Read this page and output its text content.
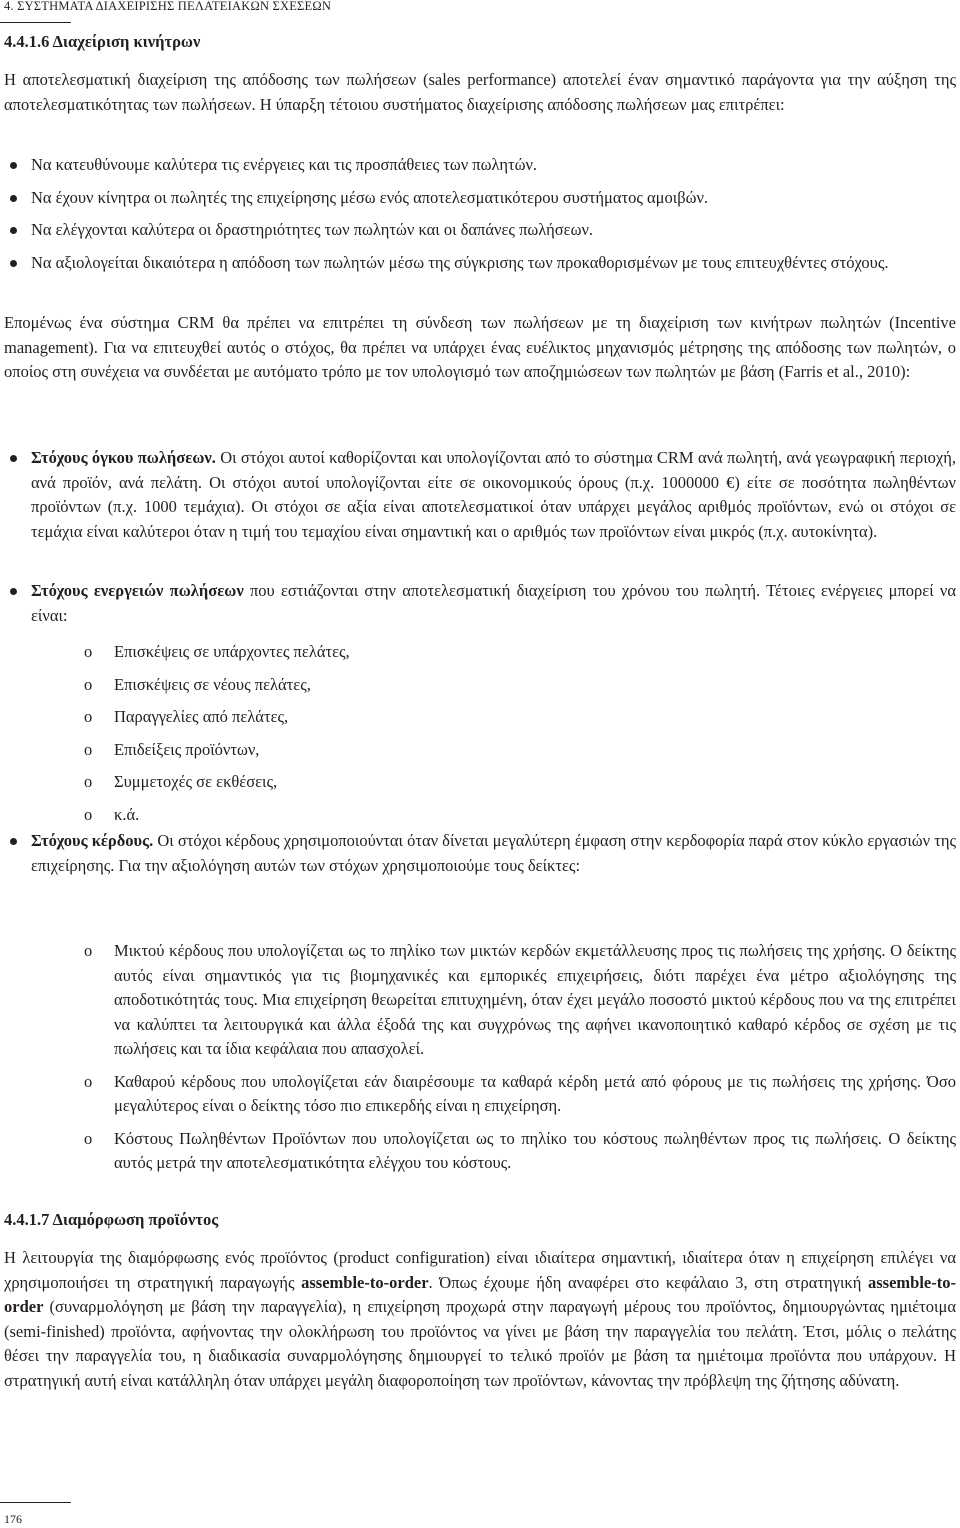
4. ΣΥΣΤΗΜΑΤΑ ΔΙΑΧΕΙΡΙΣΗΣ ΠΕΛΑΤΕΙΑΚΩΝ ΣΧΕΣΕΩΝ
4.4.1.6 Διαχείριση κινήτρων

Η αποτελεσματική διαχείριση της απόδοσης των πωλήσεων (sales performance) αποτελεί έναν σημαντικό παράγοντα για την αύξηση της αποτελεσματικότητας των πωλήσεων. Η ύπαρξη τέτοιου συστήματος διαχείρισης απόδοσης πωλήσεων μας επιτρέπει:

Να κατευθύνουμε καλύτερα τις ενέργειες και τις προσπάθειες των πωλητών.
Να έχουν κίνητρα οι πωλητές της επιχείρησης μέσω ενός αποτελεσματικότερου συστήματος αμοιβών.
Να ελέγχονται καλύτερα οι δραστηριότητες των πωλητών και οι δαπάνες πωλήσεων.
Να αξιολογείται δικαιότερα η απόδοση των πωλητών μέσω της σύγκρισης των προκαθορισμένων με τους επιτευχθέντες στόχους.

Επομένως ένα σύστημα CRM θα πρέπει να επιτρέπει τη σύνδεση των πωλήσεων με τη διαχείριση των κινήτρων πωλητών (Incentive management). Για να επιτευχθεί αυτός ο στόχος, θα πρέπει να υπάρχει ένας ευέλικτος μηχανισμός μέτρησης της απόδοσης των πωλητών, ο οποίος στη συνέχεια να συνδέεται με αυτόματο τρόπο με τον υπολογισμό των αποζημιώσεων των πωλητών με βάση (Farris et al., 2010):

Στόχους όγκου πωλήσεων. Οι στόχοι αυτοί καθορίζονται και υπολογίζονται από το σύστημα CRM ανά πωλητή, ανά γεωγραφική περιοχή, ανά προϊόν, ανά πελάτη. Οι στόχοι αυτοί υπολογίζονται είτε σε οικονομικούς όρους (π.χ. 1000000 €) είτε σε ποσότητα πωληθέντων προϊόντων (π.χ. 1000 τεμάχια). Οι στόχοι σε αξία είναι αποτελεσματικοί όταν υπάρχει μεγάλος αριθμός προϊόντων, ενώ οι στόχοι σε τεμάχια είναι καλύτεροι όταν η τιμή του τεμαχίου είναι σημαντική και ο αριθμός των προϊόντων είναι μικρός (π.χ. αυτοκίνητα).
Στόχους ενεργειών πωλήσεων που εστιάζονται στην αποτελεσματική διαχείριση του χρόνου του πωλητή. Τέτοιες ενέργειες μπορεί να είναι:
o Επισκέψεις σε υπάρχοντες πελάτες,
o Επισκέψεις σε νέους πελάτες,
o Παραγγελίες από πελάτες,
o Επιδείξεις προϊόντων,
o Συμμετοχές σε εκθέσεις,
o κ.ά.
Στόχους κέρδους. Οι στόχοι κέρδους χρησιμοποιούνται όταν δίνεται μεγαλύτερη έμφαση στην κερδοφορία παρά στον κύκλο εργασιών της επιχείρησης. Για την αξιολόγηση αυτών των στόχων χρησιμοποιούμε τους δείκτες:
o Μικτού κέρδους που υπολογίζεται ως το πηλίκο των μικτών κερδών εκμετάλλευσης προς τις πωλήσεις της χρήσης. Ο δείκτης αυτός είναι σημαντικός για τις βιομηχανικές και εμπορικές επιχειρήσεις, διότι παρέχει ένα μέτρο αξιολόγησης της αποδοτικότητάς τους. Μια επιχείρηση θεωρείται επιτυχημένη, όταν έχει μεγάλο ποσοστό μικτού κέρδους που να της επιτρέπει να καλύπτει τα λειτουργικά και άλλα έξοδά της και συγχρόνως της αφήνει ικανοποιητικό καθαρό κέρδος σε σχέση με τις πωλήσεις και τα ίδια κεφάλαια που απασχολεί.
o Καθαρού κέρδους που υπολογίζεται εάν διαιρέσουμε τα καθαρά κέρδη μετά από φόρους με τις πωλήσεις της χρήσης. Όσο μεγαλύτερος είναι ο δείκτης τόσο πιο επικερδής είναι η επιχείρηση.
o Κόστους Πωληθέντων Προϊόντων που υπολογίζεται ως το πηλίκο του κόστους πωληθέντων προς τις πωλήσεις. Ο δείκτης αυτός μετρά την αποτελεσματικότητα ελέγχου του κόστους.
4.4.1.7 Διαμόρφωση προϊόντος

Η λειτουργία της διαμόρφωσης ενός προϊόντος (product configuration) είναι ιδιαίτερα σημαντική, ιδιαίτερα όταν η επιχείρηση επιλέγει να χρησιμοποιήσει τη στρατηγική παραγωγής assemble-to-order. Όπως έχουμε ήδη αναφέρει στο κεφάλαιο 3, στη στρατηγική assemble-to-order (συναρμολόγηση με βάση την παραγγελία), η επιχείρηση προχωρά στην παραγωγή μέρους του προϊόντος, δημιουργώντας ημιέτοιμα (semi-finished) προϊόντα, αφήνοντας την ολοκλήρωση του προϊόντος να γίνει με βάση την παραγγελία του πελάτη. Έτσι, μόλις ο πελάτης θέσει την παραγγελία του, η διαδικασία συναρμολόγησης δημιουργεί το τελικό προϊόν με βάση τα ημιέτοιμα προϊόντα που υπάρχουν. Η στρατηγική αυτή είναι κατάλληλη όταν υπάρχει μεγάλη διαφοροποίηση των προϊόντων, κάνοντας την πρόβλεψη της ζήτησης αδύνατη.

176
